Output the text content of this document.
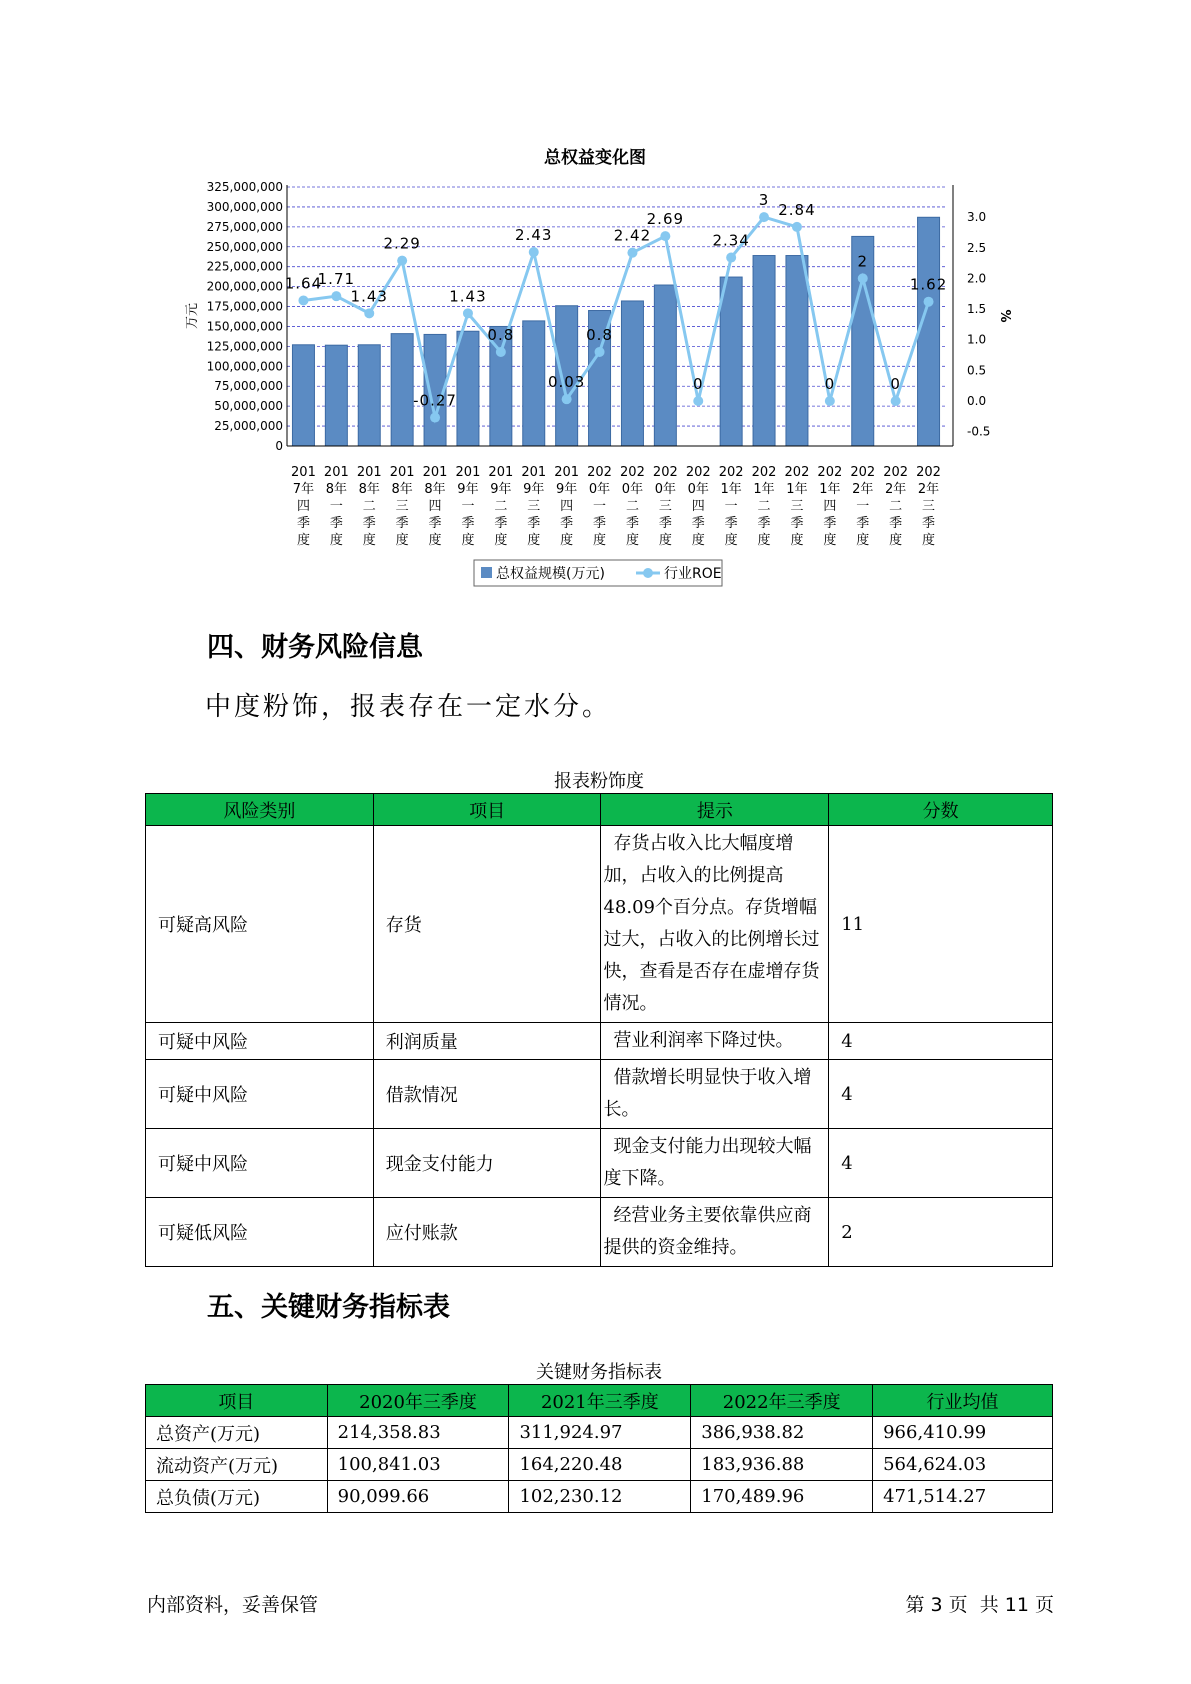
总权益变化图
325,000,000
300,000,000
275,000,000
250,000,000
225,000,000
200,000,000
175,000,000
150,000,000
125,000,000
100,000,000
75,000,000
50,000,000
25,000,000
0
3.0
2.5
2.0
1.5
1.0
0.5
0.0
-0.5
万元	%
201 7年四季度
201 8年一季度
201 8年二季度
201 8年三季度
201 8年四季度
201 9年一季度
201 9年二季度
201 9年三季度
201 9年四季度
202 0年一季度
202 0年二季度
202 0年三季度
202 0年四季度
202 1年一季度
202 1年二季度
202 1年三季度
202 1年四季度
202 2年一季度
202 2年二季度
202 2年三季度
1.64
1.71
1.43
2.29
-0.27
1.43
0.8
2.43
0.03
0.8
2.42
2.69
0
2.34
3
2.84
0
2
0
1.62
总权益规模(万元)	行业ROE
四、财务风险信息
中度粉饰，报表存在一定水分。
报表粉饰度
风险类别	项目	提示	分数
可疑高风险	存货	存货占收入比大幅度增加，占收入的比例提高48.09个百分点。存货增幅过大，占收入的比例增长过快，查看是否存在虚增存货情况。	11
可疑中风险	利润质量	营业利润率下降过快。	4
可疑中风险	借款情况	借款增长明显快于收入增长。	4
可疑中风险	现金支付能力	现金支付能力出现较大幅度下降。	4
可疑低风险	应付账款	经营业务主要依靠供应商提供的资金维持。	2
五、关键财务指标表
关键财务指标表
项目	2020年三季度	2021年三季度	2022年三季度	行业均值
总资产(万元)	214,358.83	311,924.97	386,938.82	966,410.99
流动资产(万元)	100,841.03	164,220.48	183,936.88	564,624.03
总负债(万元)	90,099.66	102,230.12	170,489.96	471,514.27
内部资料，妥善保管	第 3 页  共 11 页
